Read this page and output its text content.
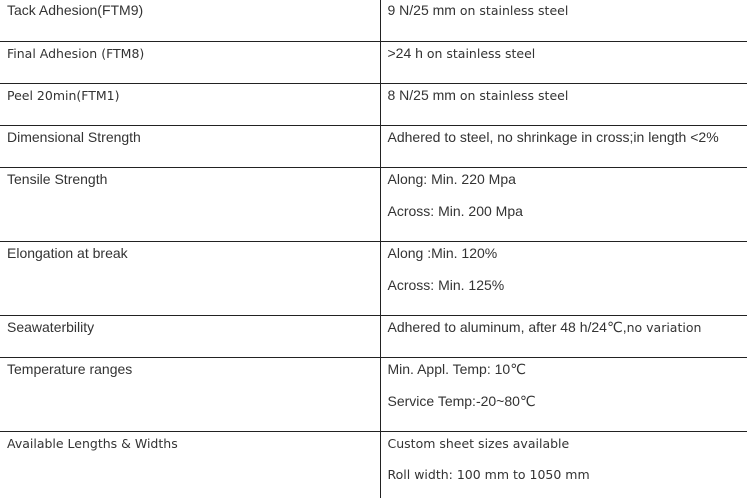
Tack Adhesion(FTM9)	9 N/25 mm on stainless steel

Final Adhesion (FTM8)	>24 h on stainless steel

Peel 20min(FTM1)	8 N/25 mm on stainless steel

Dimensional Strength	Adhered to steel, no shrinkage in cross;in length <2%

Tensile Strength	Along: Min. 220 Mpa
Across: Min. 200 Mpa

Elongation at break	Along :Min. 120%
Across: Min. 125%

Seawaterbility	Adhered to aluminum, after 48 h/24℃,no variation

Temperature ranges	Min. Appl. Temp: 10℃
Service Temp:-20~80℃

Available Lengths & Widths	Custom sheet sizes available
Roll width: 100 mm to 1050 mm
